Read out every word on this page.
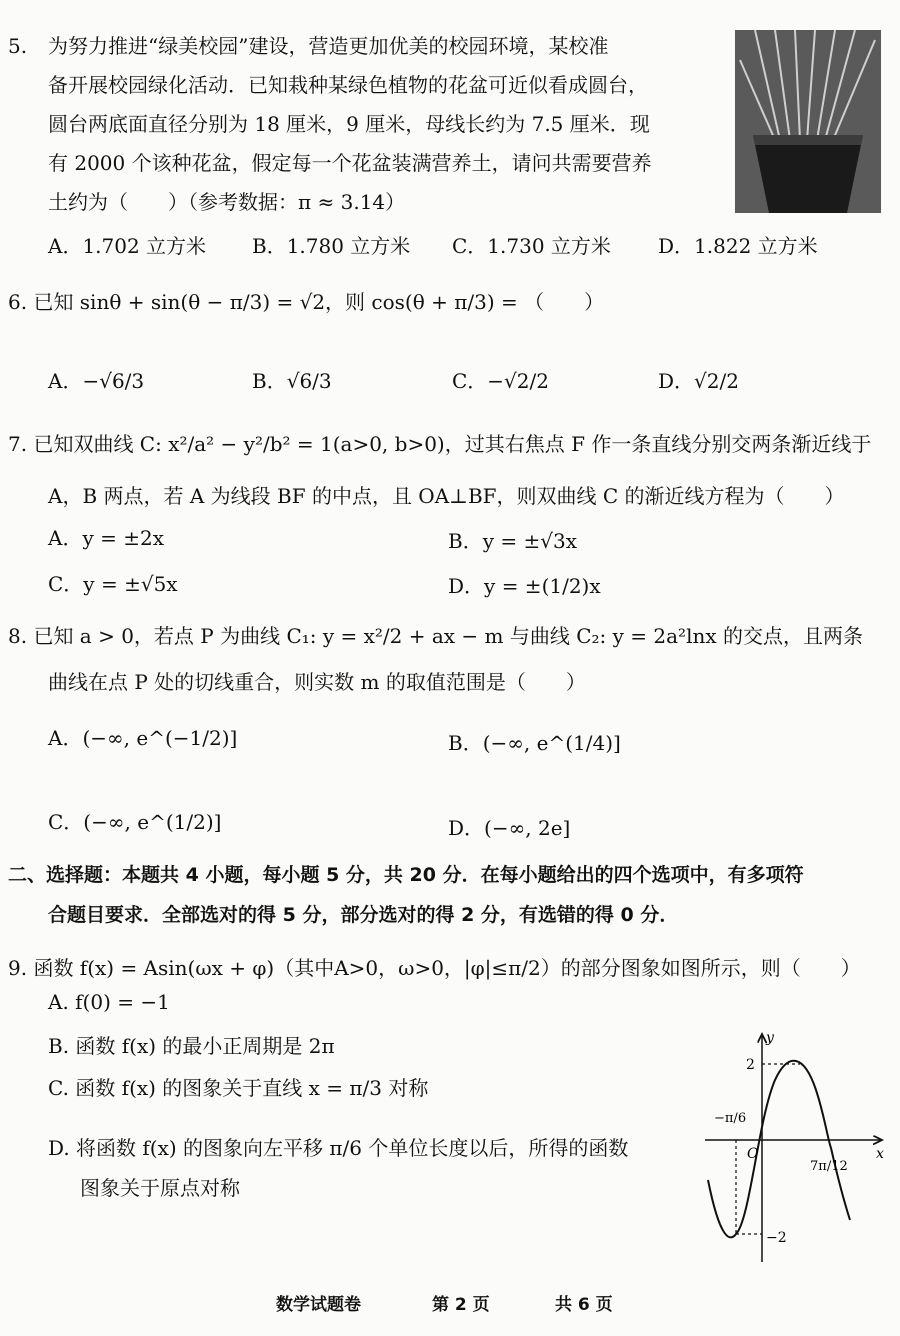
5. 为努力推进“绿美校园”建设，营造更加优美的校园环境，某校准
备开展校园绿化活动．已知栽种某绿色植物的花盆可近似看成圆台，
圆台两底面直径分别为 18 厘米，9 厘米，母线长约为 7.5 厘米．现
有 2000 个该种花盆，假定每一个花盆装满营养土，请问共需要营养
土约为（　　）（参考数据：π ≈ 3.14）
A．1.702 立方米 B．1.780 立方米 C．1.730 立方米 D．1.822 立方米
6. 已知 sinθ + sin(θ − π/3) = √2，则 cos(θ + π/3) = （　　）
A．−√6/3	B．√6/3	C．−√2/2	D．√2/2
7. 已知双曲线 C: x²/a² − y²/b² = 1(a>0, b>0)，过其右焦点 F 作一条直线分别交两条渐近线于
A，B 两点，若 A 为线段 BF 的中点，且 OA⊥BF，则双曲线 C 的渐近线方程为（　　）
A．y = ±2x	B．y = ±√3x
C．y = ±√5x	D．y = ±(1/2)x
8. 已知 a > 0，若点 P 为曲线 C₁: y = x²/2 + ax − m 与曲线 C₂: y = 2a²lnx 的交点，且两条
曲线在点 P 处的切线重合，则实数 m 的取值范围是（　　）
A．(−∞, e^(−1/2)]	B．(−∞, e^(1/4)]
C．(−∞, e^(1/2)]	D．(−∞, 2e]
二、选择题：本题共 4 小题，每小题 5 分，共 20 分．在每小题给出的四个选项中，有多项符
合题目要求．全部选对的得 5 分，部分选对的得 2 分，有选错的得 0 分．
9. 函数 f(x) = Asin(ωx + φ)（其中A>0，ω>0，|φ|≤π/2）的部分图象如图所示，则（　　）
A. f(0) = −1
B. 函数 f(x) 的最小正周期是 2π
C. 函数 f(x) 的图象关于直线 x = π/3 对称
D. 将函数 f(x) 的图象向左平移 π/6 个单位长度以后，所得的函数
图象关于原点对称
y
x
O
2
−2
−π/6
7π/12
数学试题卷	第 2 页	共 6 页
